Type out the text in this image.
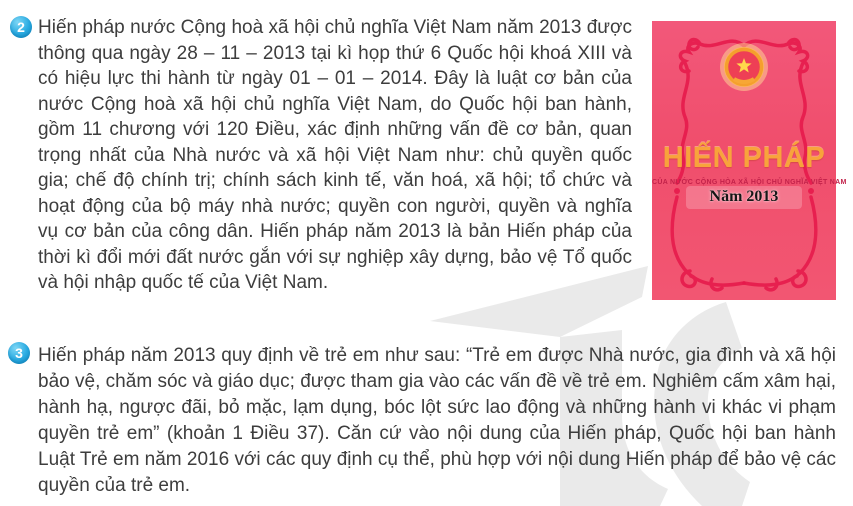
2 Hiến pháp nước Cộng hoà xã hội chủ nghĩa Việt Nam năm 2013 được thông qua ngày 28 – 11 – 2013 tại kì họp thứ 6 Quốc hội khoá XIII và có hiệu lực thi hành từ ngày 01 – 01 – 2014. Đây là luật cơ bản của nước Cộng hoà xã hội chủ nghĩa Việt Nam, do Quốc hội ban hành, gồm 11 chương với 120 Điều, xác định những vấn đề cơ bản, quan trọng nhất của Nhà nước và xã hội Việt Nam như: chủ quyền quốc gia; chế độ chính trị; chính sách kinh tế, văn hoá, xã hội; tổ chức và hoạt động của bộ máy nhà nước; quyền con người, quyền và nghĩa vụ cơ bản của công dân. Hiến pháp năm 2013 là bản Hiến pháp của thời kì đổi mới đất nước gắn với sự nghiệp xây dựng, bảo vệ Tổ quốc và hội nhập quốc tế của Việt Nam.

HIẾN PHÁP
CỦA NƯỚC CỘNG HÒA XÃ HỘI CHỦ NGHĨA VIỆT NAM
Năm 2013
3 Hiến pháp năm 2013 quy định về trẻ em như sau: “Trẻ em được Nhà nước, gia đình và xã hội bảo vệ, chăm sóc và giáo dục; được tham gia vào các vấn đề về trẻ em. Nghiêm cấm xâm hại, hành hạ, ngược đãi, bỏ mặc, lạm dụng, bóc lột sức lao động và những hành vi khác vi phạm quyền trẻ em” (khoản 1 Điều 37). Căn cứ vào nội dung của Hiến pháp, Quốc hội ban hành Luật Trẻ em năm 2016 với các quy định cụ thể, phù hợp với nội dung Hiến pháp để bảo vệ các quyền của trẻ em.
